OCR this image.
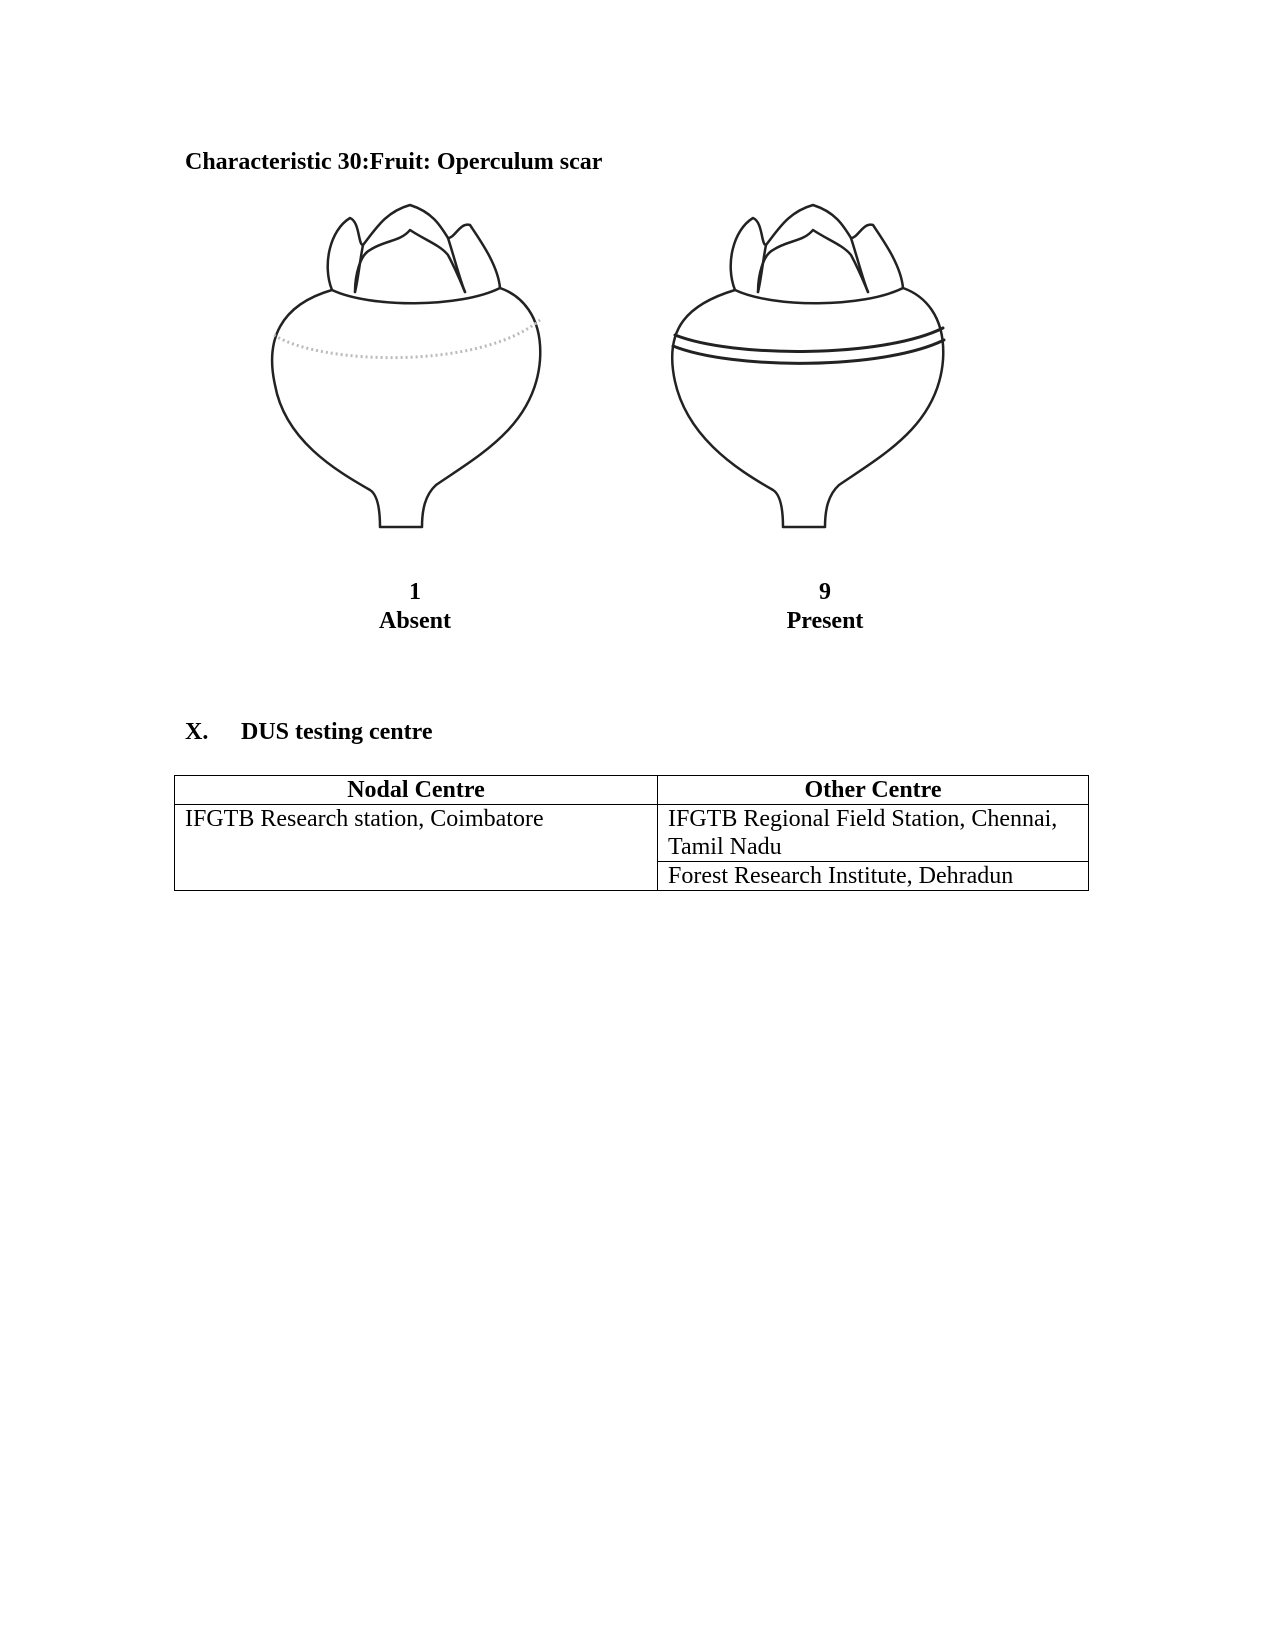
Characteristic 30:Fruit: Operculum scar
1
Absent
9
Present
X. DUS testing centre
Nodal Centre	Other Centre
IFGTB Research station, Coimbatore	IFGTB Regional Field Station, Chennai, Tamil Nadu
	Forest Research Institute, Dehradun
